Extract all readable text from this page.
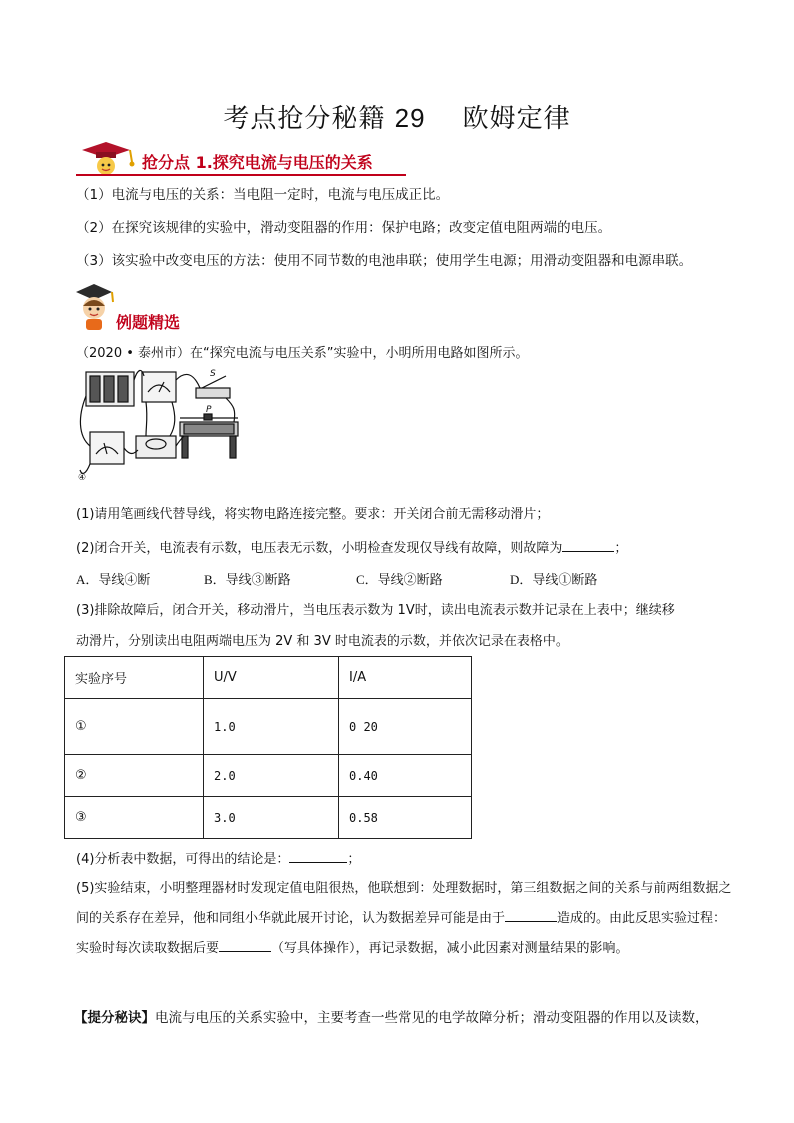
考点抢分秘籍 29 欧姆定律
抢分点 1.探究电流与电压的关系
（1）电流与电压的关系：当电阻一定时，电流与电压成正比。
（2）在探究该规律的实验中，滑动变阻器的作用：保护电路；改变定值电阻两端的电压。
（3）该实验中改变电压的方法：使用不同节数的电池串联；使用学生电源；用滑动变阻器和电源串联。
例题精选
（2020 • 泰州市）在“探究电流与电压关系”实验中，小明所用电路如图所示。
S
P
④
(1)请用笔画线代替导线，将实物电路连接完整。要求：开关闭合前无需移动滑片；
(2)闭合开关，电流表有示数，电压表无示数，小明检查发现仅导线有故障，则故障为	；
A．导线④断	B．导线③断路	C．导线②断路	D．导线①断路
(3)排除故障后，闭合开关，移动滑片，当电压表示数为 1V时，读出电流表示数并记录在上表中；继续移
动滑片，分别读出电阻两端电压为 2V 和 3V 时电流表的示数，并依次记录在表格中。
实验序号	U/V	I/A
①	1.0	0 20
②	2.0	0.40
③	3.0	0.58
(4)分析表中数据，可得出的结论是：	；
(5)实验结束，小明整理器材时发现定值电阻很热，他联想到：处理数据时，第三组数据之间的关系与前两组数据之间的关系存在差异，他和同组小华就此展开讨论，认为数据差异可能是由于	造成的。由此反思实验过程：实验时每次读取数据后要	（写具体操作），再记录数据，减小此因素对测量结果的影响。
【提分秘诀】电流与电压的关系实验中，主要考查一些常见的电学故障分析；滑动变阻器的作用以及读数，
